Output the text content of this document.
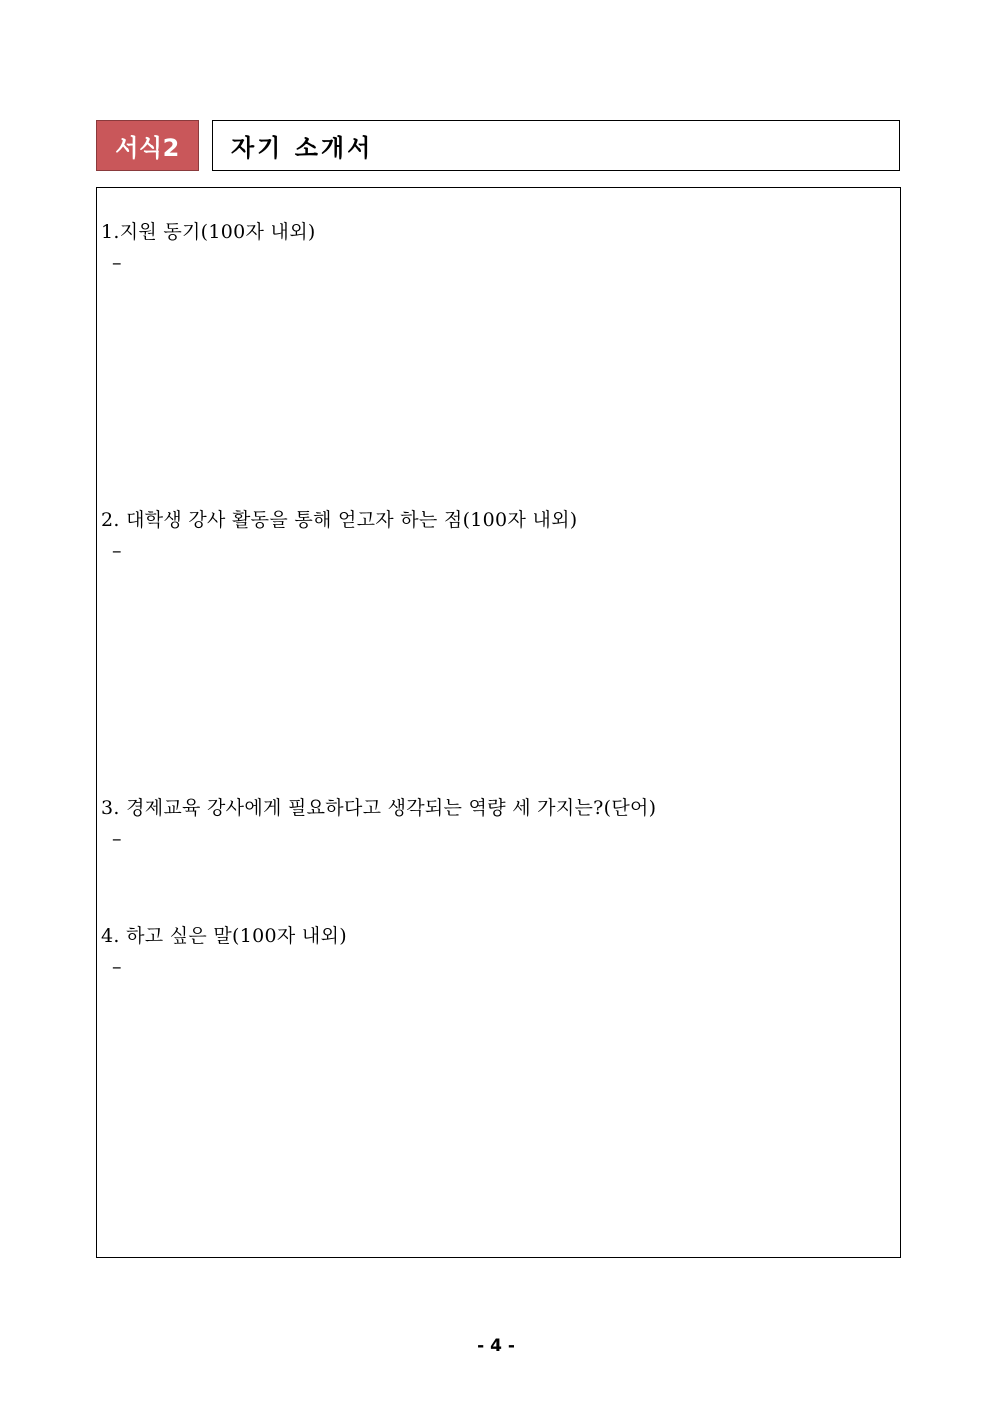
서식2 자기 소개서
1.지원 동기(100자 내외)
–
2. 대학생 강사 활동을 통해 얻고자 하는 점(100자 내외)
–
3. 경제교육 강사에게 필요하다고 생각되는 역량 세 가지는?(단어)
–
4. 하고 싶은 말(100자 내외)
–
- 4 -
